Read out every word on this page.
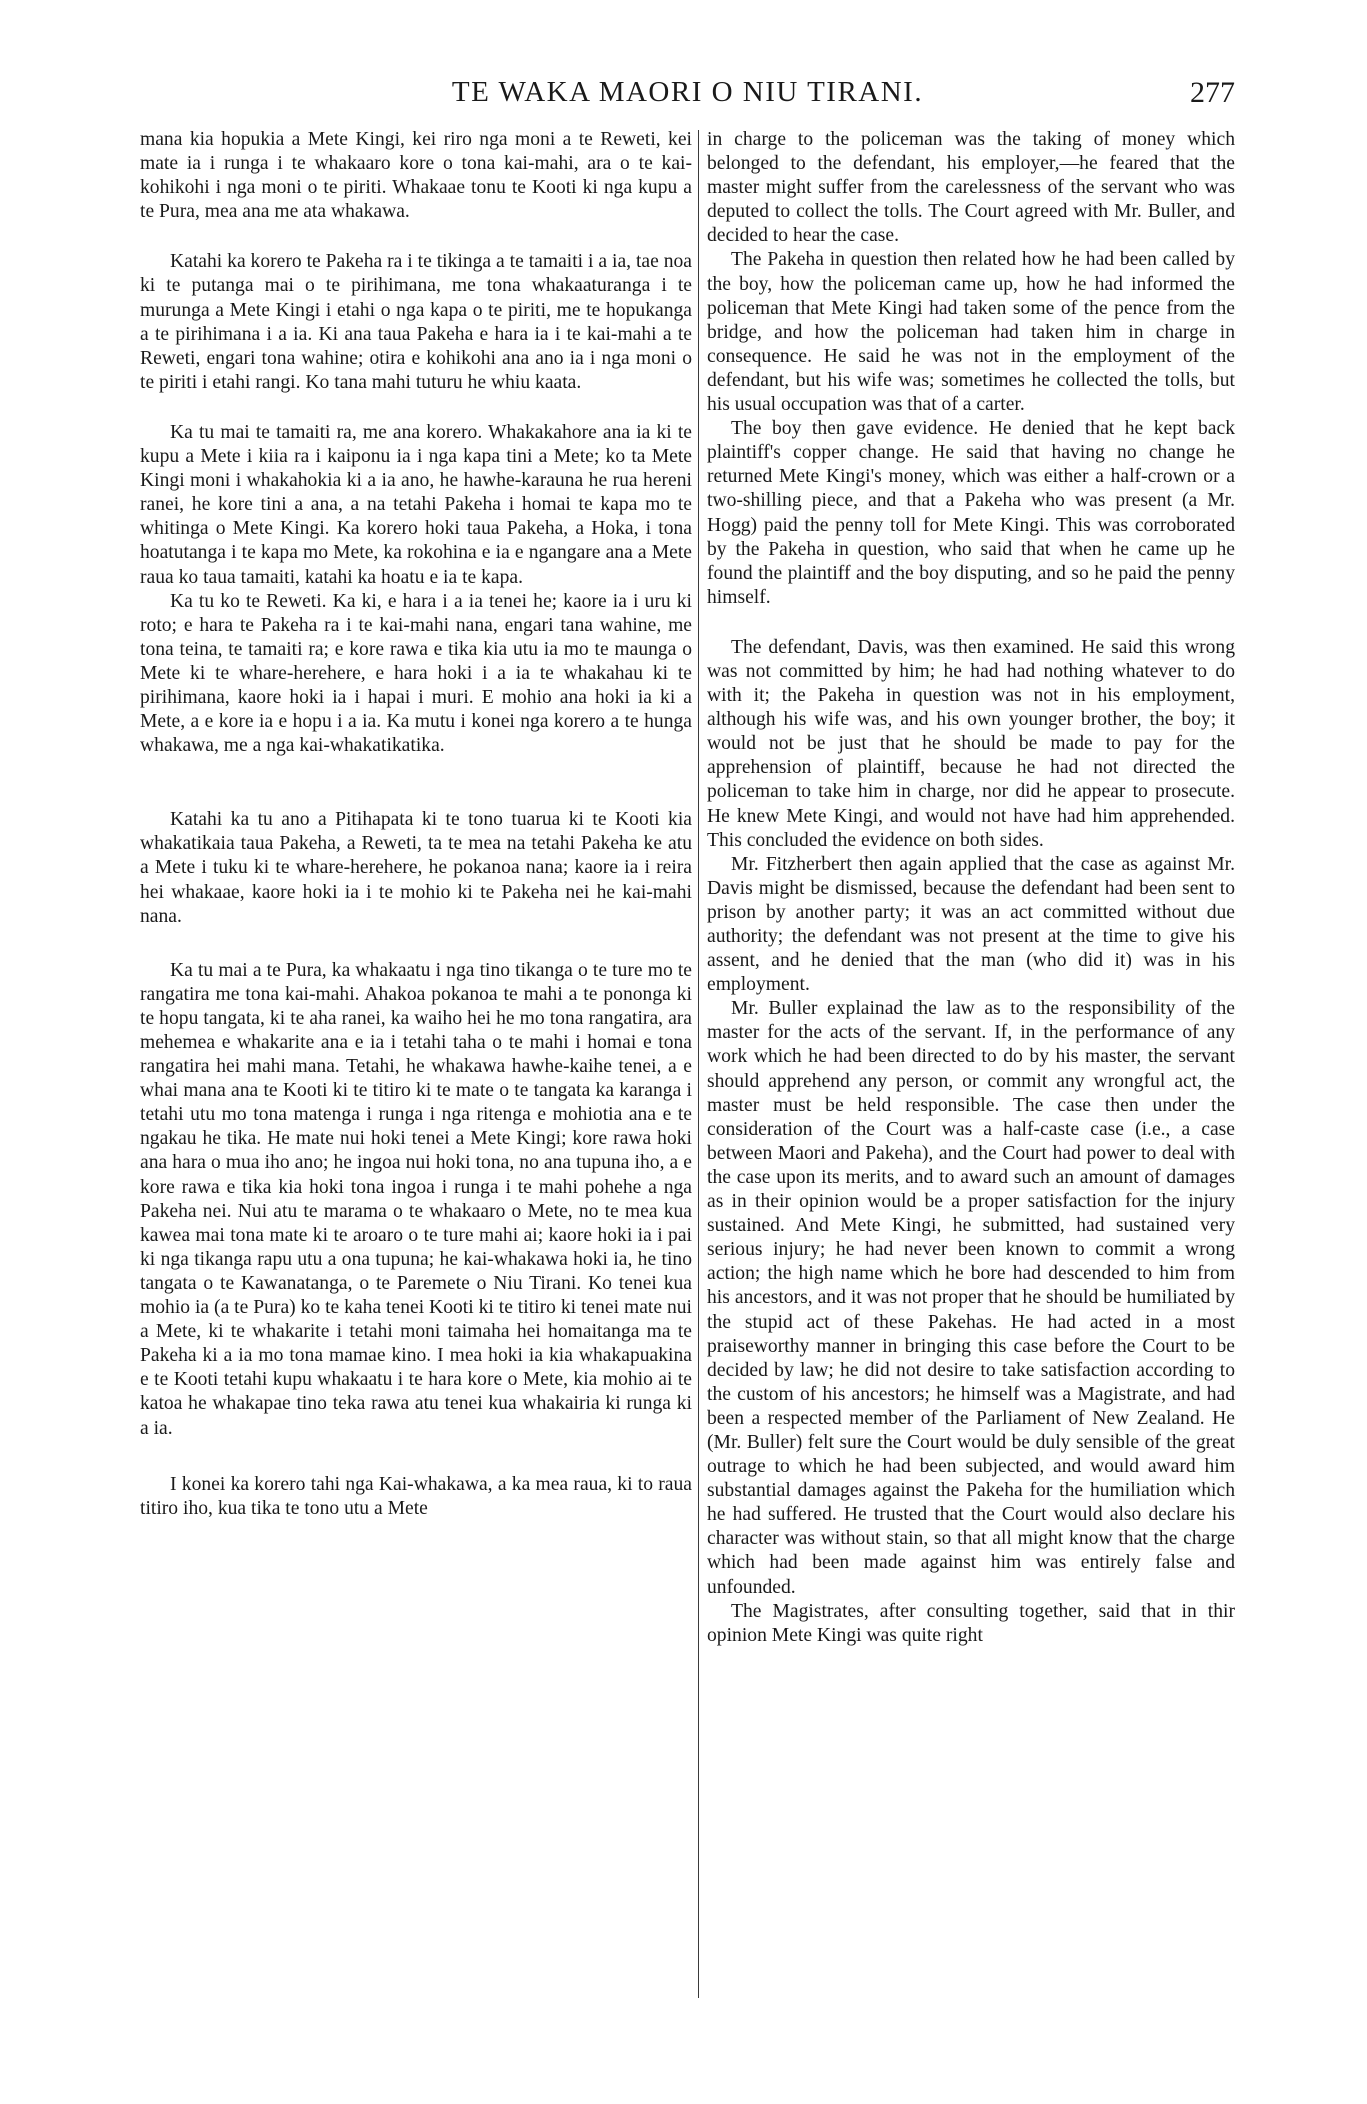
TE WAKA MAORI O NIU TIRANI.	277

mana kia hopukia a Mete Kingi, kei riro nga moni a te Reweti, kei mate ia i runga i te whakaaro kore o tona kai-mahi, ara o te kai-kohikohi i nga moni o te piriti. Whakaae tonu te Kooti ki nga kupu a te Pura, mea ana me ata whakawa.

Katahi ka korero te Pakeha ra i te tikinga a te tamaiti i a ia, tae noa ki te putanga mai o te pirihimana, me tona whakaaturanga i te murunga a Mete Kingi i etahi o nga kapa o te piriti, me te hopukanga a te pirihimana i a ia. Ki ana taua Pakeha e hara ia i te kai-mahi a te Reweti, engari tona wahine; otira e kohikohi ana ano ia i nga moni o te piriti i etahi rangi. Ko tana mahi tuturu he whiu kaata.

Ka tu mai te tamaiti ra, me ana korero. Whakakahore ana ia ki te kupu a Mete i kiia ra i kaiponu ia i nga kapa tini a Mete; ko ta Mete Kingi moni i whakahokia ki a ia ano, he hawhe-karauna he rua hereni ranei, he kore tini a ana, a na tetahi Pakeha i homai te kapa mo te whitinga o Mete Kingi. Ka korero hoki taua Pakeha, a Hoka, i tona hoatutanga i te kapa mo Mete, ka rokohina e ia e ngangare ana a Mete raua ko taua tamaiti, katahi ka hoatu e ia te kapa.

Ka tu ko te Reweti. Ka ki, e hara i a ia tenei he; kaore ia i uru ki roto; e hara te Pakeha ra i te kai-mahi nana, engari tana wahine, me tona teina, te tamaiti ra; e kore rawa e tika kia utu ia mo te maunga o Mete ki te whare-herehere, e hara hoki i a ia te whakahau ki te pirihimana, kaore hoki ia i hapai i muri. E mohio ana hoki ia ki a Mete, a e kore ia e hopu i a ia. Ka mutu i konei nga korero a te hunga whakawa, me a nga kai-whakatikatika.

Katahi ka tu ano a Pitihapata ki te tono tuarua ki te Kooti kia whakatikaia taua Pakeha, a Reweti, ta te mea na tetahi Pakeha ke atu a Mete i tuku ki te whare-herehere, he pokanoa nana; kaore ia i reira hei whakaae, kaore hoki ia i te mohio ki te Pakeha nei he kai-mahi nana.

Ka tu mai a te Pura, ka whakaatu i nga tino tikanga o te ture mo te rangatira me tona kai-mahi. Ahakoa pokanoa te mahi a te pononga ki te hopu tangata, ki te aha ranei, ka waiho hei he mo tona rangatira, ara mehemea e whakarite ana e ia i tetahi taha o te mahi i homai e tona rangatira hei mahi mana. Tetahi, he whakawa hawhe-kaihe tenei, a e whai mana ana te Kooti ki te titiro ki te mate o te tangata ka karanga i tetahi utu mo tona matenga i runga i nga ritenga e mohiotia ana e te ngakau he tika. He mate nui hoki tenei a Mete Kingi; kore rawa hoki ana hara o mua iho ano; he ingoa nui hoki tona, no ana tupuna iho, a e kore rawa e tika kia hoki tona ingoa i runga i te mahi pohehe a nga Pakeha nei. Nui atu te marama o te whakaaro o Mete, no te mea kua kawea mai tona mate ki te aroaro o te ture mahi ai; kaore hoki ia i pai ki nga tikanga rapu utu a ona tupuna; he kai-whakawa hoki ia, he tino tangata o te Kawanatanga, o te Paremete o Niu Tirani. Ko tenei kua mohio ia (a te Pura) ko te kaha tenei Kooti ki te titiro ki tenei mate nui a Mete, ki te whakarite i tetahi moni taimaha hei homaitanga ma te Pakeha ki a ia mo tona mamae kino. I mea hoki ia kia whakapuakina e te Kooti tetahi kupu whakaatu i te hara kore o Mete, kia mohio ai te katoa he whakapae tino teka rawa atu tenei kua whakairia ki runga ki a ia.

I konei ka korero tahi nga Kai-whakawa, a ka mea raua, ki to raua titiro iho, kua tika te tono utu a Mete

in charge to the policeman was the taking of money which belonged to the defendant, his employer,—he feared that the master might suffer from the carelessness of the servant who was deputed to collect the tolls. The Court agreed with Mr. Buller, and decided to hear the case.

The Pakeha in question then related how he had been called by the boy, how the policeman came up, how he had informed the policeman that Mete Kingi had taken some of the pence from the bridge, and how the policeman had taken him in charge in consequence. He said he was not in the employment of the defendant, but his wife was; sometimes he collected the tolls, but his usual occupation was that of a carter.

The boy then gave evidence. He denied that he kept back plaintiff's copper change. He said that having no change he returned Mete Kingi's money, which was either a half-crown or a two-shilling piece, and that a Pakeha who was present (a Mr. Hogg) paid the penny toll for Mete Kingi. This was corroborated by the Pakeha in question, who said that when he came up he found the plaintiff and the boy disputing, and so he paid the penny himself.

The defendant, Davis, was then examined. He said this wrong was not committed by him; he had had nothing whatever to do with it; the Pakeha in question was not in his employment, although his wife was, and his own younger brother, the boy; it would not be just that he should be made to pay for the apprehension of plaintiff, because he had not directed the policeman to take him in charge, nor did he appear to prosecute. He knew Mete Kingi, and would not have had him apprehended. This concluded the evidence on both sides.

Mr. Fitzherbert then again applied that the case as against Mr. Davis might be dismissed, because the defendant had been sent to prison by another party; it was an act committed without due authority; the defendant was not present at the time to give his assent, and he denied that the man (who did it) was in his employment.

Mr. Buller explainad the law as to the responsibility of the master for the acts of the servant. If, in the performance of any work which he had been directed to do by his master, the servant should apprehend any person, or commit any wrongful act, the master must be held responsible. The case then under the consideration of the Court was a half-caste case (i.e., a case between Maori and Pakeha), and the Court had power to deal with the case upon its merits, and to award such an amount of damages as in their opinion would be a proper satisfaction for the injury sustained. And Mete Kingi, he submitted, had sustained very serious injury; he had never been known to commit a wrong action; the high name which he bore had descended to him from his ancestors, and it was not proper that he should be humiliated by the stupid act of these Pakehas. He had acted in a most praiseworthy manner in bringing this case before the Court to be decided by law; he did not desire to take satisfaction according to the custom of his ancestors; he himself was a Magistrate, and had been a respected member of the Parliament of New Zealand. He (Mr. Buller) felt sure the Court would be duly sensible of the great outrage to which he had been subjected, and would award him substantial damages against the Pakeha for the humiliation which he had suffered. He trusted that the Court would also declare his character was without stain, so that all might know that the charge which had been made against him was entirely false and unfounded.

The Magistrates, after consulting together, said that in thir opinion Mete Kingi was quite right
